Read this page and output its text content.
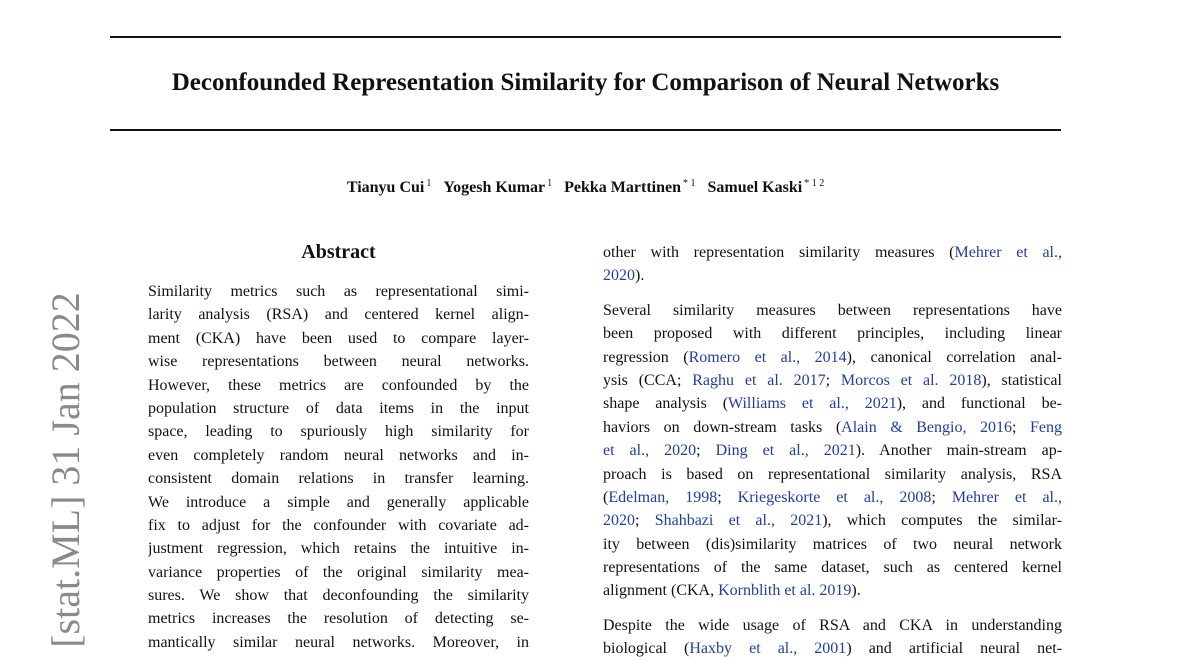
Deconfounded Representation Similarity for Comparison of Neural Networks
Tianyu Cui $^1$ Yogesh Kumar $^1$ Pekka Marttinen $^{* 1}$ Samuel Kaski $^{* 1 2}$
[stat.ML] 31 Jan 2022
Abstract
Similarity metrics such as representational simi-
larity analysis (RSA) and centered kernel align-
ment (CKA) have been used to compare layer-
wise representations between neural networks.
However, these metrics are confounded by the
population structure of data items in the input
space, leading to spuriously high similarity for
even completely random neural networks and in-
consistent domain relations in transfer learning.
We introduce a simple and generally applicable
fix to adjust for the confounder with covariate ad-
justment regression, which retains the intuitive in-
variance properties of the original similarity mea-
sures. We show that deconfounding the similarity
metrics increases the resolution of detecting se-
mantically similar neural networks. Moreover, in
other with representation similarity measures (Mehrer et al.,
2020).
Several similarity measures between representations have
been proposed with different principles, including linear
regression (Romero et al., 2014), canonical correlation anal-
ysis (CCA; Raghu et al. 2017; Morcos et al. 2018), statistical
shape analysis (Williams et al., 2021), and functional be-
haviors on down-stream tasks (Alain & Bengio, 2016; Feng
et al., 2020; Ding et al., 2021). Another main-stream ap-
proach is based on representational similarity analysis, RSA
(Edelman, 1998; Kriegeskorte et al., 2008; Mehrer et al.,
2020; Shahbazi et al., 2021), which computes the similar-
ity between (dis)similarity matrices of two neural network
representations of the same dataset, such as centered kernel
alignment (CKA, Kornblith et al. 2019).
Despite the wide usage of RSA and CKA in understanding
biological (Haxby et al., 2001) and artificial neural net-
